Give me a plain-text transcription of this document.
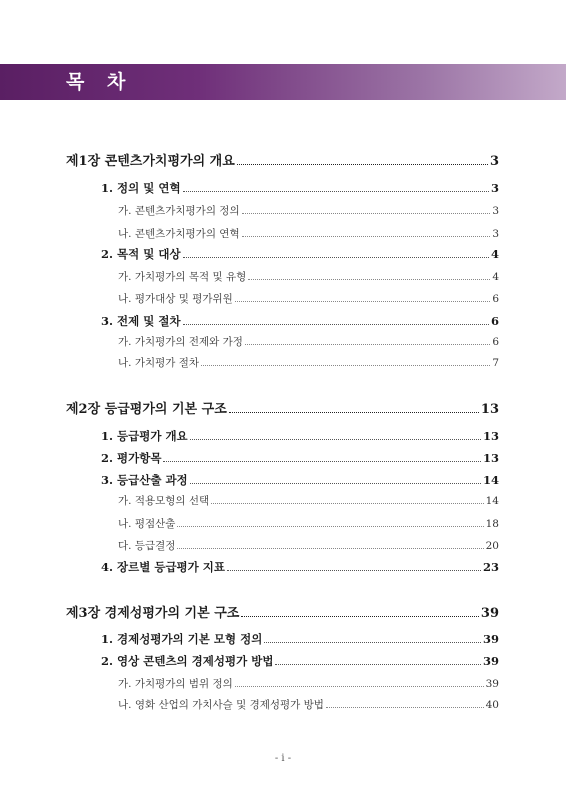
목 차
제1장 콘텐츠가치평가의 개요	3
1. 정의 및 연혁	3
가. 콘텐츠가치평가의 정의	3
나. 콘텐츠가치평가의 연혁	3
2. 목적 및 대상	4
가. 가치평가의 목적 및 유형	4
나. 평가대상 및 평가위원	6
3. 전제 및 절차	6
가. 가치평가의 전제와 가정	6
나. 가치평가 절차	7
제2장 등급평가의 기본 구조	13
1. 등급평가 개요	13
2. 평가항목	13
3. 등급산출 과정	14
가. 적용모형의 선택	14
나. 평점산출	18
다. 등급결정	20
4. 장르별 등급평가 지표	23
제3장 경제성평가의 기본 구조	39
1. 경제성평가의 기본 모형 정의	39
2. 영상 콘텐츠의 경제성평가 방법	39
가. 가치평가의 범위 정의	39
나. 영화 산업의 가치사슬 및 경제성평가 방법	40
- i -
